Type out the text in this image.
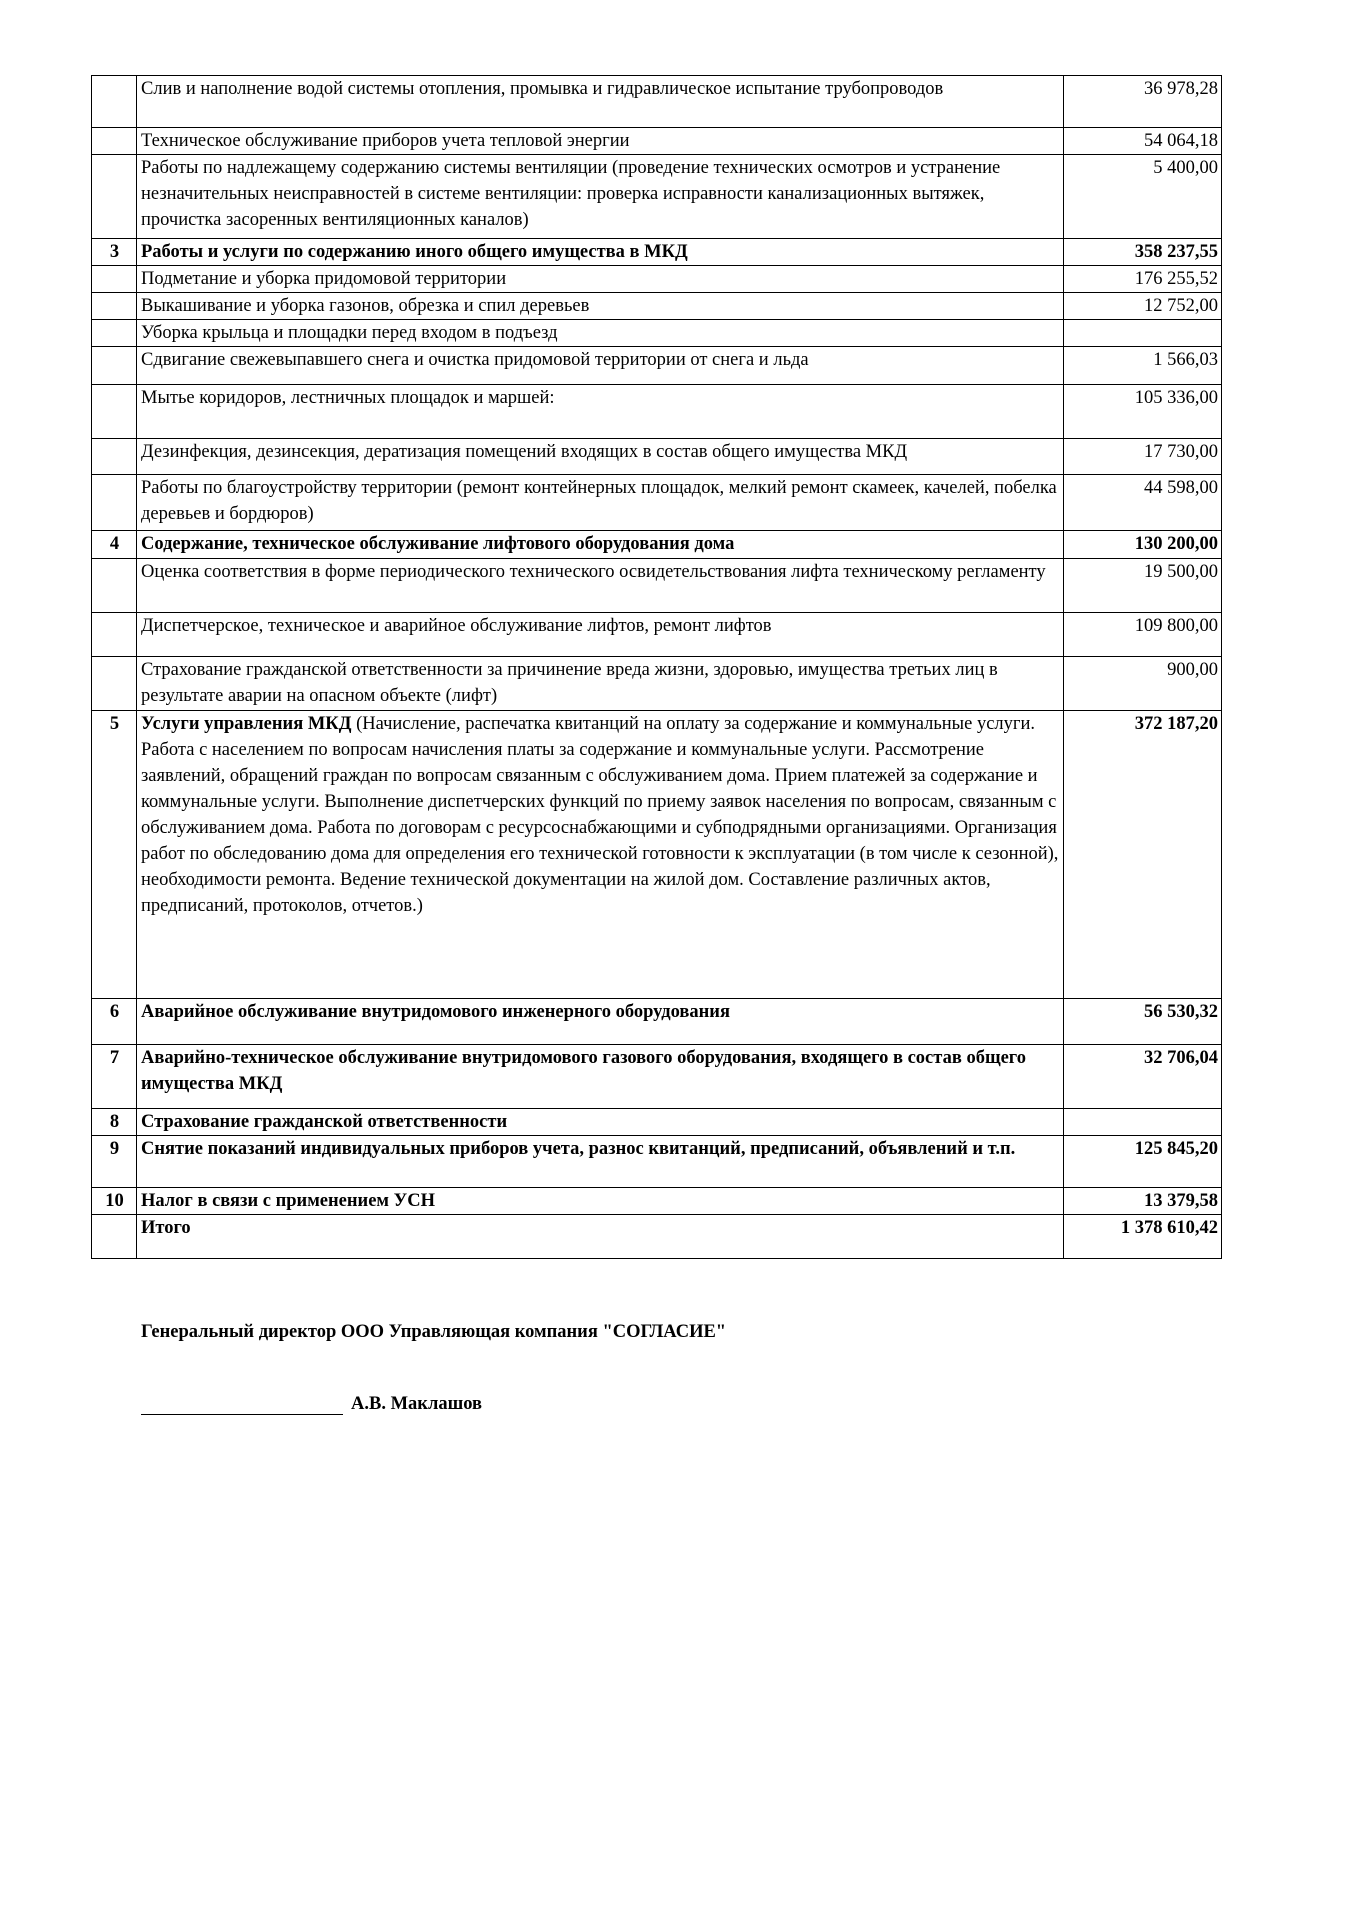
	Слив и наполнение водой системы отопления, промывка и гидравлическое испытание трубопроводов	36 978,28
	Техническое обслуживание приборов учета тепловой энергии	54 064,18
	Работы по надлежащему содержанию системы вентиляции (проведение технических осмотров и устранение незначительных неисправностей в системе вентиляции: проверка исправности канализационных вытяжек, прочистка засоренных вентиляционных каналов)	5 400,00
3	Работы и услуги по содержанию иного общего имущества в МКД	358 237,55
	Подметание и уборка придомовой территории	176 255,52
	Выкашивание и уборка газонов, обрезка и спил деревьев	12 752,00
	Уборка крыльца и площадки перед входом в подъезд	
	Сдвигание свежевыпавшего снега и очистка придомовой территории от снега и льда	1 566,03
	Мытье коридоров, лестничных площадок и маршей:	105 336,00
	Дезинфекция, дезинсекция, дератизация помещений входящих в состав общего имущества МКД	17 730,00
	Работы по благоустройству территории (ремонт контейнерных площадок, мелкий ремонт скамеек, качелей, побелка деревьев и бордюров)	44 598,00
4	Содержание, техническое обслуживание лифтового оборудования дома	130 200,00
	Оценка соответствия в форме периодического технического освидетельствования лифта техническому регламенту	19 500,00
	Диспетчерское, техническое и аварийное обслуживание лифтов, ремонт лифтов	109 800,00
	Страхование гражданской ответственности за причинение вреда жизни, здоровью, имущества третьих лиц в результате аварии на опасном объекте (лифт)	900,00
5	Услуги управления МКД (Начисление, распечатка квитанций на оплату за содержание и коммунальные услуги. Работа с населением по вопросам начисления платы за содержание и коммунальные услуги. Рассмотрение заявлений, обращений граждан по вопросам связанным с обслуживанием дома. Прием платежей за содержание и коммунальные услуги. Выполнение диспетчерских функций по приему заявок населения по вопросам, связанным с обслуживанием дома. Работа по договорам с ресурсоснабжающими и субподрядными организациями. Организация работ по обследованию дома для определения его технической готовности к эксплуатации (в том числе к сезонной), необходимости ремонта. Ведение технической документации на жилой дом. Составление различных актов, предписаний, протоколов, отчетов.)	372 187,20
6	Аварийное обслуживание внутридомового инженерного оборудования	56 530,32
7	Аварийно-техническое обслуживание внутридомового газового оборудования, входящего в состав общего имущества МКД	32 706,04
8	Страхование гражданской ответственности	
9	Снятие показаний индивидуальных приборов учета, разнос квитанций, предписаний, объявлений и т.п.	125 845,20
10	Налог в связи с применением УСН	13 379,58
	Итого	1 378 610,42
Генеральный директор ООО Управляющая компания "СОГЛАСИЕ"
А.В. Маклашов
